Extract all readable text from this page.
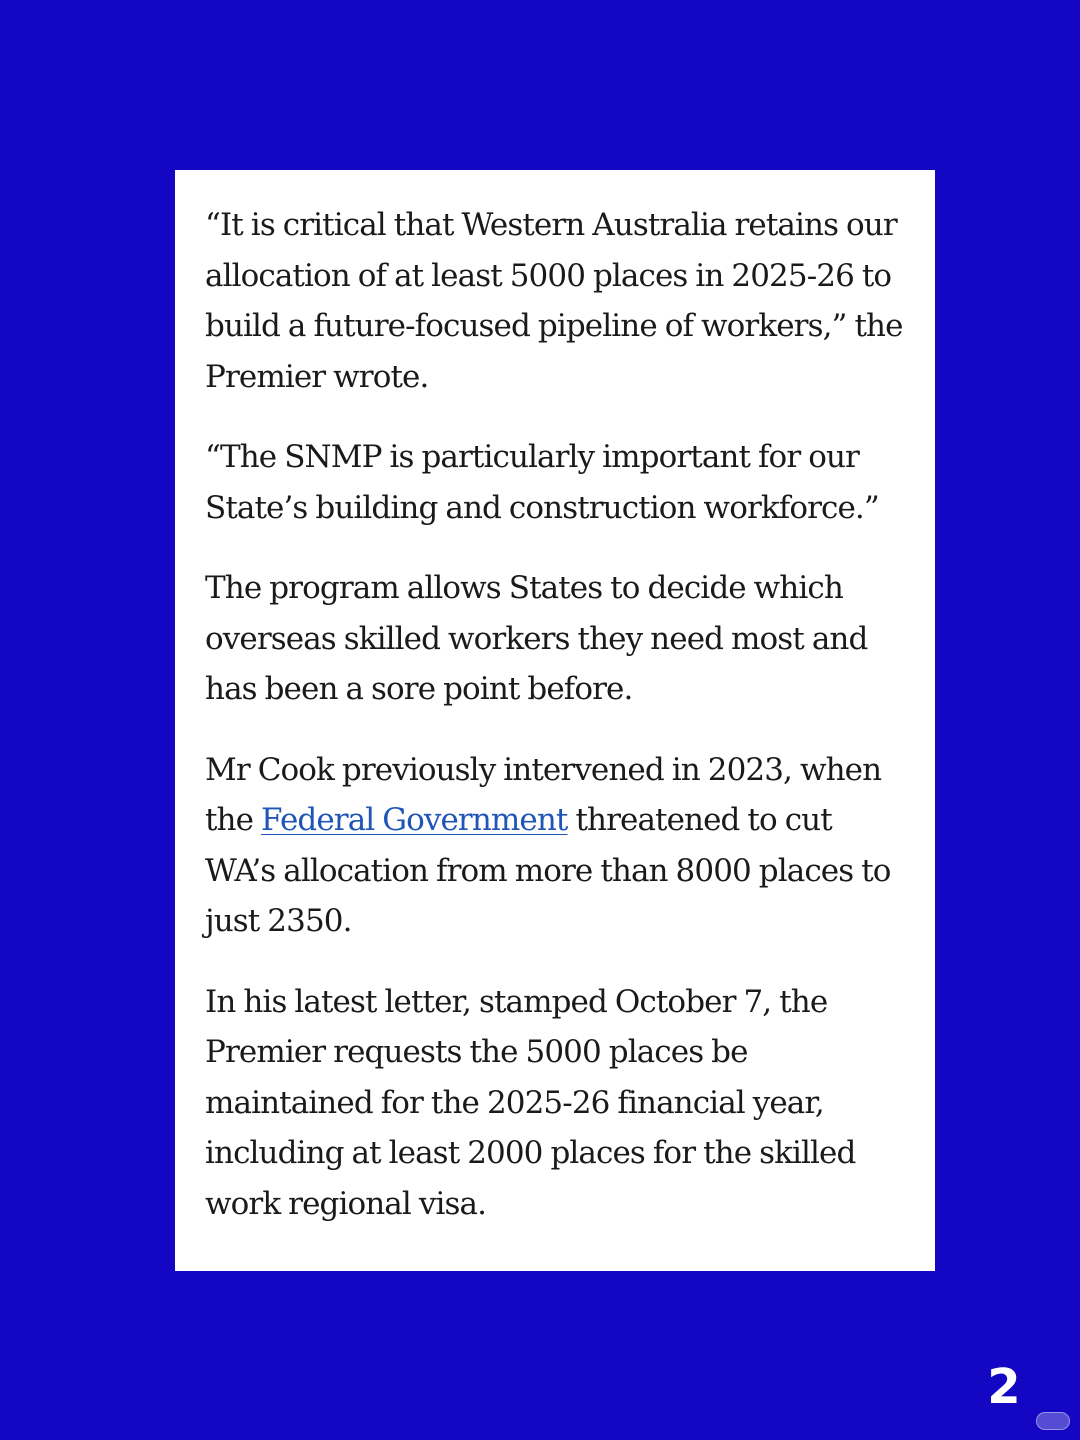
“It is critical that Western Australia retains our allocation of at least 5000 places in 2025-26 to build a future-focused pipeline of workers,” the Premier wrote.

“The SNMP is particularly important for our State’s building and construction workforce.”

The program allows States to decide which overseas skilled workers they need most and has been a sore point before.

Mr Cook previously intervened in 2023, when the Federal Government threatened to cut WA’s allocation from more than 8000 places to just 2350.

In his latest letter, stamped October 7, the Premier requests the 5000 places be maintained for the 2025-26 financial year, including at least 2000 places for the skilled work regional visa.

2
